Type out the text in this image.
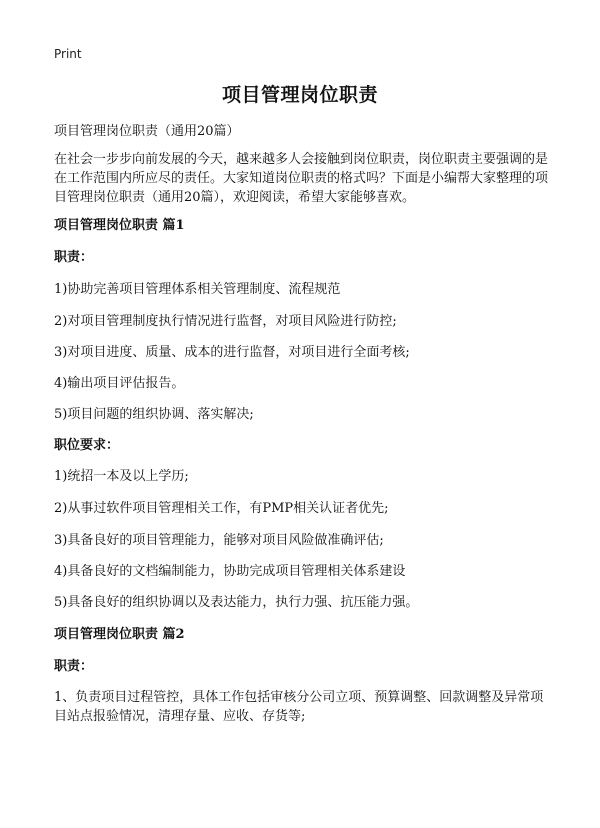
Print
项目管理岗位职责
项目管理岗位职责（通用20篇）
在社会一步步向前发展的今天，越来越多人会接触到岗位职责，岗位职责主要强调的是在工作范围内所应尽的责任。大家知道岗位职责的格式吗？下面是小编帮大家整理的项目管理岗位职责（通用20篇），欢迎阅读，希望大家能够喜欢。
项目管理岗位职责 篇1
职责：
1)协助完善项目管理体系相关管理制度、流程规范
2)对项目管理制度执行情况进行监督，对项目风险进行防控;
3)对项目进度、质量、成本的进行监督，对项目进行全面考核;
4)输出项目评估报告。
5)项目问题的组织协调、落实解决;
职位要求：
1)统招一本及以上学历;
2)从事过软件项目管理相关工作，有PMP相关认证者优先;
3)具备良好的项目管理能力，能够对项目风险做准确评估;
4)具备良好的文档编制能力，协助完成项目管理相关体系建设
5)具备良好的组织协调以及表达能力，执行力强、抗压能力强。
项目管理岗位职责 篇2
职责：
1、负责项目过程管控，具体工作包括审核分公司立项、预算调整、回款调整及异常项目站点报验情况，清理存量、应收、存货等;
